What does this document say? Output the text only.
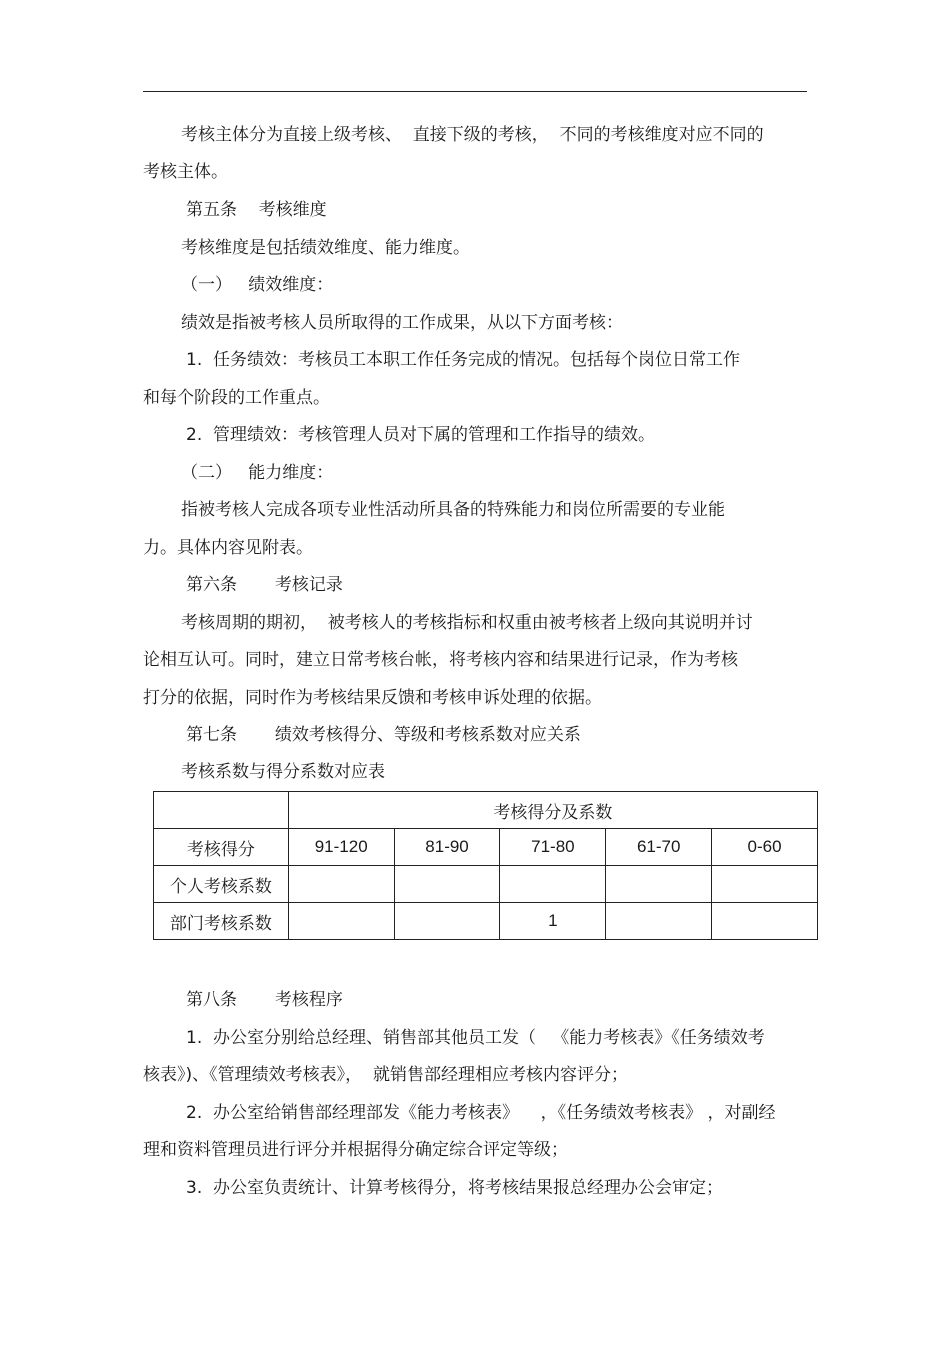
考核主体分为直接上级考核、  直接下级的考核，  不同的考核维度对应不同的
考核主体。
第五条    考核维度
考核维度是包括绩效维度、能力维度。
（一）   绩效维度：
绩效是指被考核人员所取得的工作成果，从以下方面考核：
1.  任务绩效：考核员工本职工作任务完成的情况。包括每个岗位日常工作
和每个阶段的工作重点。
2.  管理绩效：考核管理人员对下属的管理和工作指导的绩效。
（二）   能力维度：
指被考核人完成各项专业性活动所具备的特殊能力和岗位所需要的专业能
力。具体内容见附表。
第六条       考核记录
考核周期的期初，  被考核人的考核指标和权重由被考核者上级向其说明并讨
论相互认可。同时，建立日常考核台帐，将考核内容和结果进行记录，作为考核
打分的依据，同时作为考核结果反馈和考核申诉处理的依据。
第七条       绩效考核得分、等级和考核系数对应关系
考核系数与得分系数对应表
	考核得分及系数				
考核得分	91-120	81-90	71-80	61-70	0-60
个人考核系数					
部门考核系数			1		
第八条       考核程序
1.  办公室分别给总经理、销售部其他员工发（   《能力考核表》《任务绩效考
核表》)、《管理绩效考核表》，  就销售部经理相应考核内容评分；
2.  办公室给销售部经理部发《能力考核表》    ，《任务绩效考核表》 ，对副经
理和资料管理员进行评分并根据得分确定综合评定等级；
3.  办公室负责统计、计算考核得分，将考核结果报总经理办公会审定；
